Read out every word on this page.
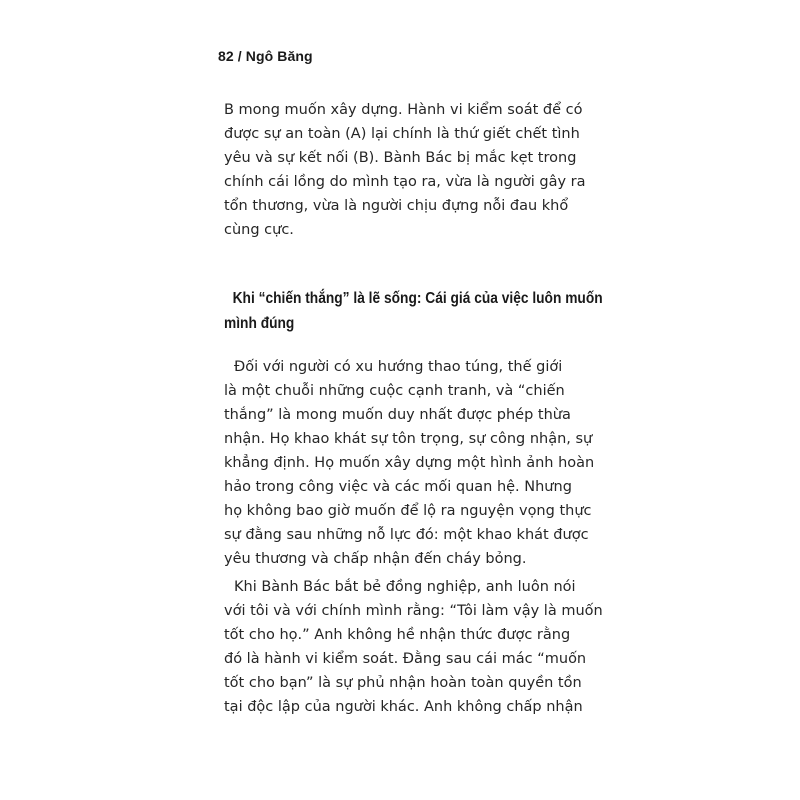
82 / Ngô Băng

B mong muốn xây dựng. Hành vi kiểm soát để có
được sự an toàn (A) lại chính là thứ giết chết tình
yêu và sự kết nối (B). Bành Bác bị mắc kẹt trong
chính cái lồng do mình tạo ra, vừa là người gây ra
tổn thương, vừa là người chịu đựng nỗi đau khổ
cùng cực.

Khi “chiến thắng” là lẽ sống: Cái giá của việc luôn muốn
mình đúng

Đối với người có xu hướng thao túng, thế giới
là một chuỗi những cuộc cạnh tranh, và “chiến
thắng” là mong muốn duy nhất được phép thừa
nhận. Họ khao khát sự tôn trọng, sự công nhận, sự
khẳng định. Họ muốn xây dựng một hình ảnh hoàn
hảo trong công việc và các mối quan hệ. Nhưng
họ không bao giờ muốn để lộ ra nguyện vọng thực
sự đằng sau những nỗ lực đó: một khao khát được
yêu thương và chấp nhận đến cháy bỏng.

Khi Bành Bác bắt bẻ đồng nghiệp, anh luôn nói
với tôi và với chính mình rằng: “Tôi làm vậy là muốn
tốt cho họ.” Anh không hề nhận thức được rằng
đó là hành vi kiểm soát. Đằng sau cái mác “muốn
tốt cho bạn” là sự phủ nhận hoàn toàn quyền tồn
tại độc lập của người khác. Anh không chấp nhận
